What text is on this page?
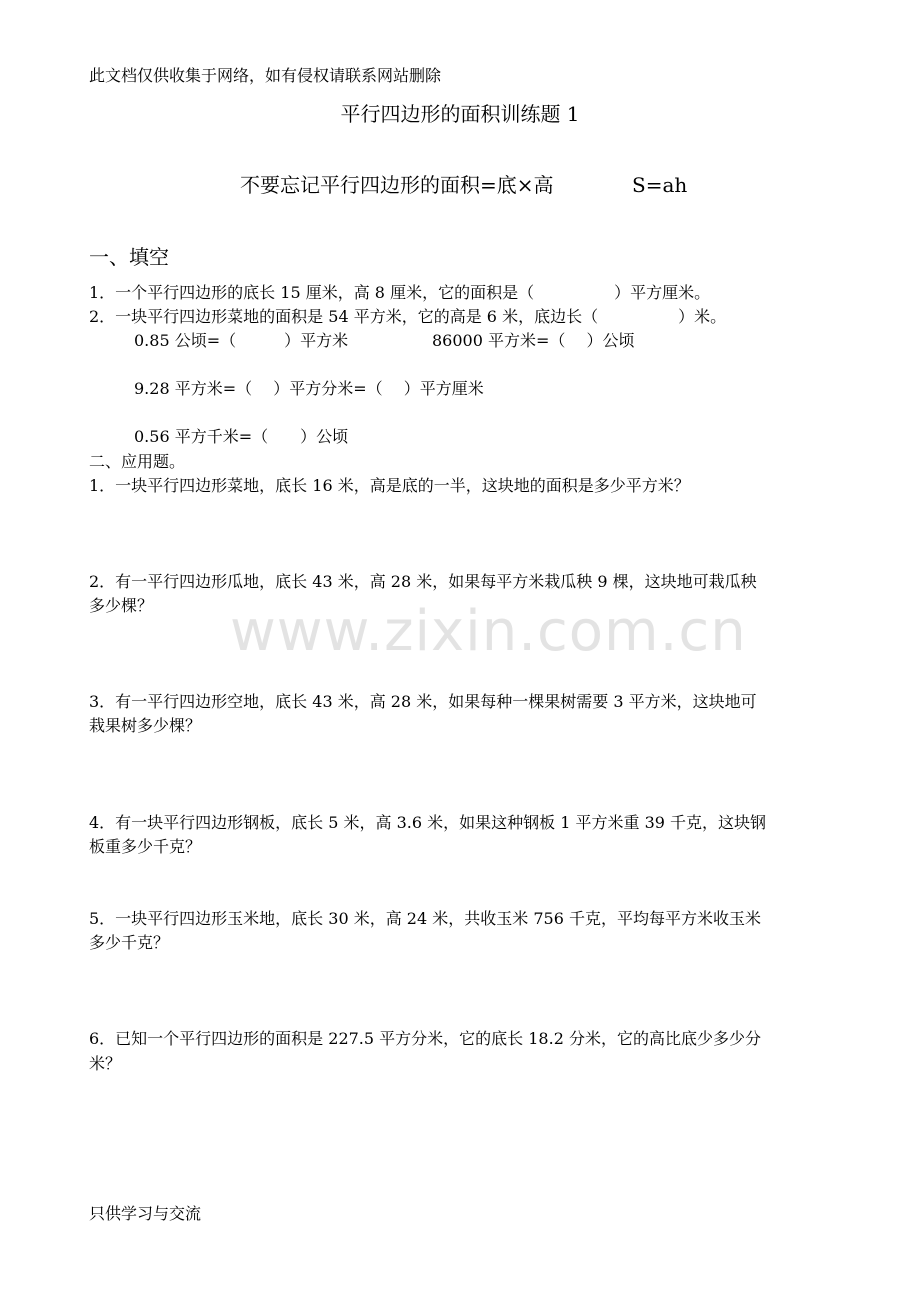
此文档仅供收集于网络，如有侵权请联系网站删除
平行四边形的面积训练题 1
不要忘记平行四边形的面积=底×高	S=ah
一、填空
1．一个平行四边形的底长 15 厘米，高 8 厘米，它的面积是（　　　　　）平方厘米。
2．一块平行四边形菜地的面积是 54 平方米，它的高是 6 米，底边长（　　　　　）米。
0.85 公顷=（　　　）平方米	86000 平方米=（　 ）公顷
9.28 平方米=（　 ）平方分米=（　 ）平方厘米
0.56 平方千米=（　　）公顷
二、应用题。
1．一块平行四边形菜地，底长 16 米，高是底的一半，这块地的面积是多少平方米？
2．有一平行四边形瓜地，底长 43 米，高 28 米，如果每平方米栽瓜秧 9 棵，这块地可栽瓜秧
多少棵？ www.zixin.com.cn
3．有一平行四边形空地，底长 43 米，高 28 米，如果每种一棵果树需要 3 平方米，这块地可
栽果树多少棵？
4．有一块平行四边形钢板，底长 5 米，高 3.6 米，如果这种钢板 1 平方米重 39 千克，这块钢
板重多少千克？
5．一块平行四边形玉米地，底长 30 米，高 24 米，共收玉米 756 千克，平均每平方米收玉米
多少千克？
6．已知一个平行四边形的面积是 227.5 平方分米，它的底长 18.2 分米，它的高比底少多少分
米？
只供学习与交流
